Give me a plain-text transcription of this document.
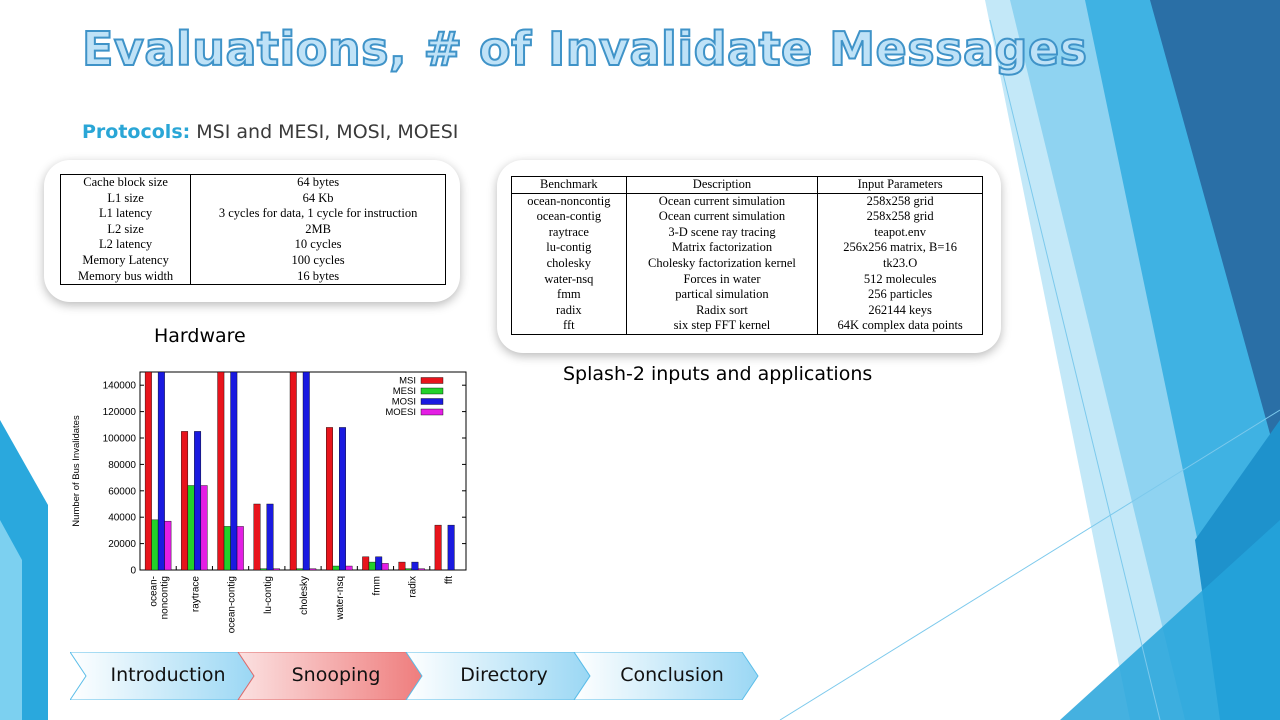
Evaluations, # of Invalidate Messages
Protocols: MSI and MESI, MOSI, MOESI
Cache block size	64 bytes
L1 size	64 Kb
L1 latency	3 cycles for data, 1 cycle for instruction
L2 size	2MB
L2 latency	10 cycles
Memory Latency	100 cycles
Memory bus width	16 bytes
Hardware
Benchmark	Description	Input Parameters
ocean-noncontig	Ocean current simulation	258x258 grid
ocean-contig	Ocean current simulation	258x258 grid
raytrace	3-D scene ray tracing	teapot.env
lu-contig	Matrix factorization	256x256 matrix, B=16
cholesky	Cholesky factorization kernel	tk23.O
water-nsq	Forces in water	512 molecules
fmm	partical simulation	256 particles
radix	Radix sort	262144 keys
fft	six step FFT kernel	64K complex data points
Splash-2 inputs and applications
0
20000
40000
60000
80000
100000
120000
140000
Number of Bus Invalidates
ocean- noncontig raytrace	ocean-contig	lu-contig	cholesky	water-nsq	fmm	radix	fft
MSI
MESI
MOSI
MOESI
Introduction	Snooping	Directory	Conclusion
